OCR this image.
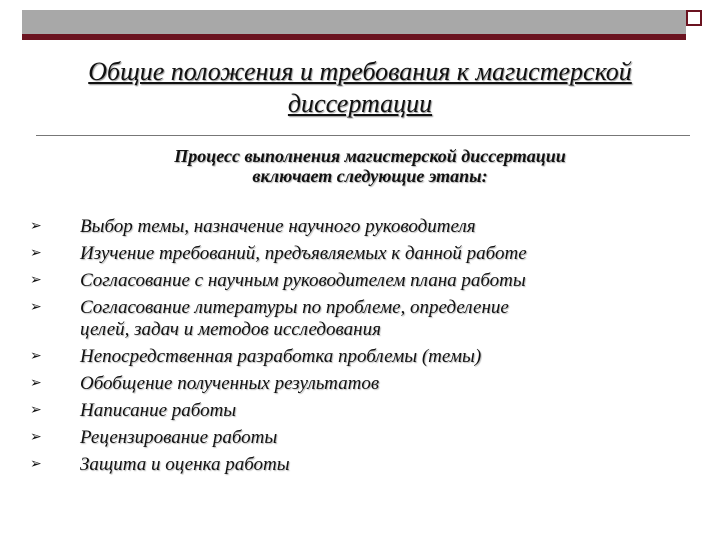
Общие положения и требования к магистерской диссертации
Процесс выполнения магистерской диссертации
включает следующие этапы:
➢	Выбор темы, назначение научного руководителя
➢	Изучение требований, предъявляемых к данной работе
➢	Согласование с научным руководителем плана работы
➢	Согласование литературы по проблеме, определение
целей, задач и методов исследования
➢	Непосредственная разработка проблемы (темы)
➢	Обобщение полученных результатов
➢	Написание работы
➢	Рецензирование работы
➢	Защита и оценка работы
